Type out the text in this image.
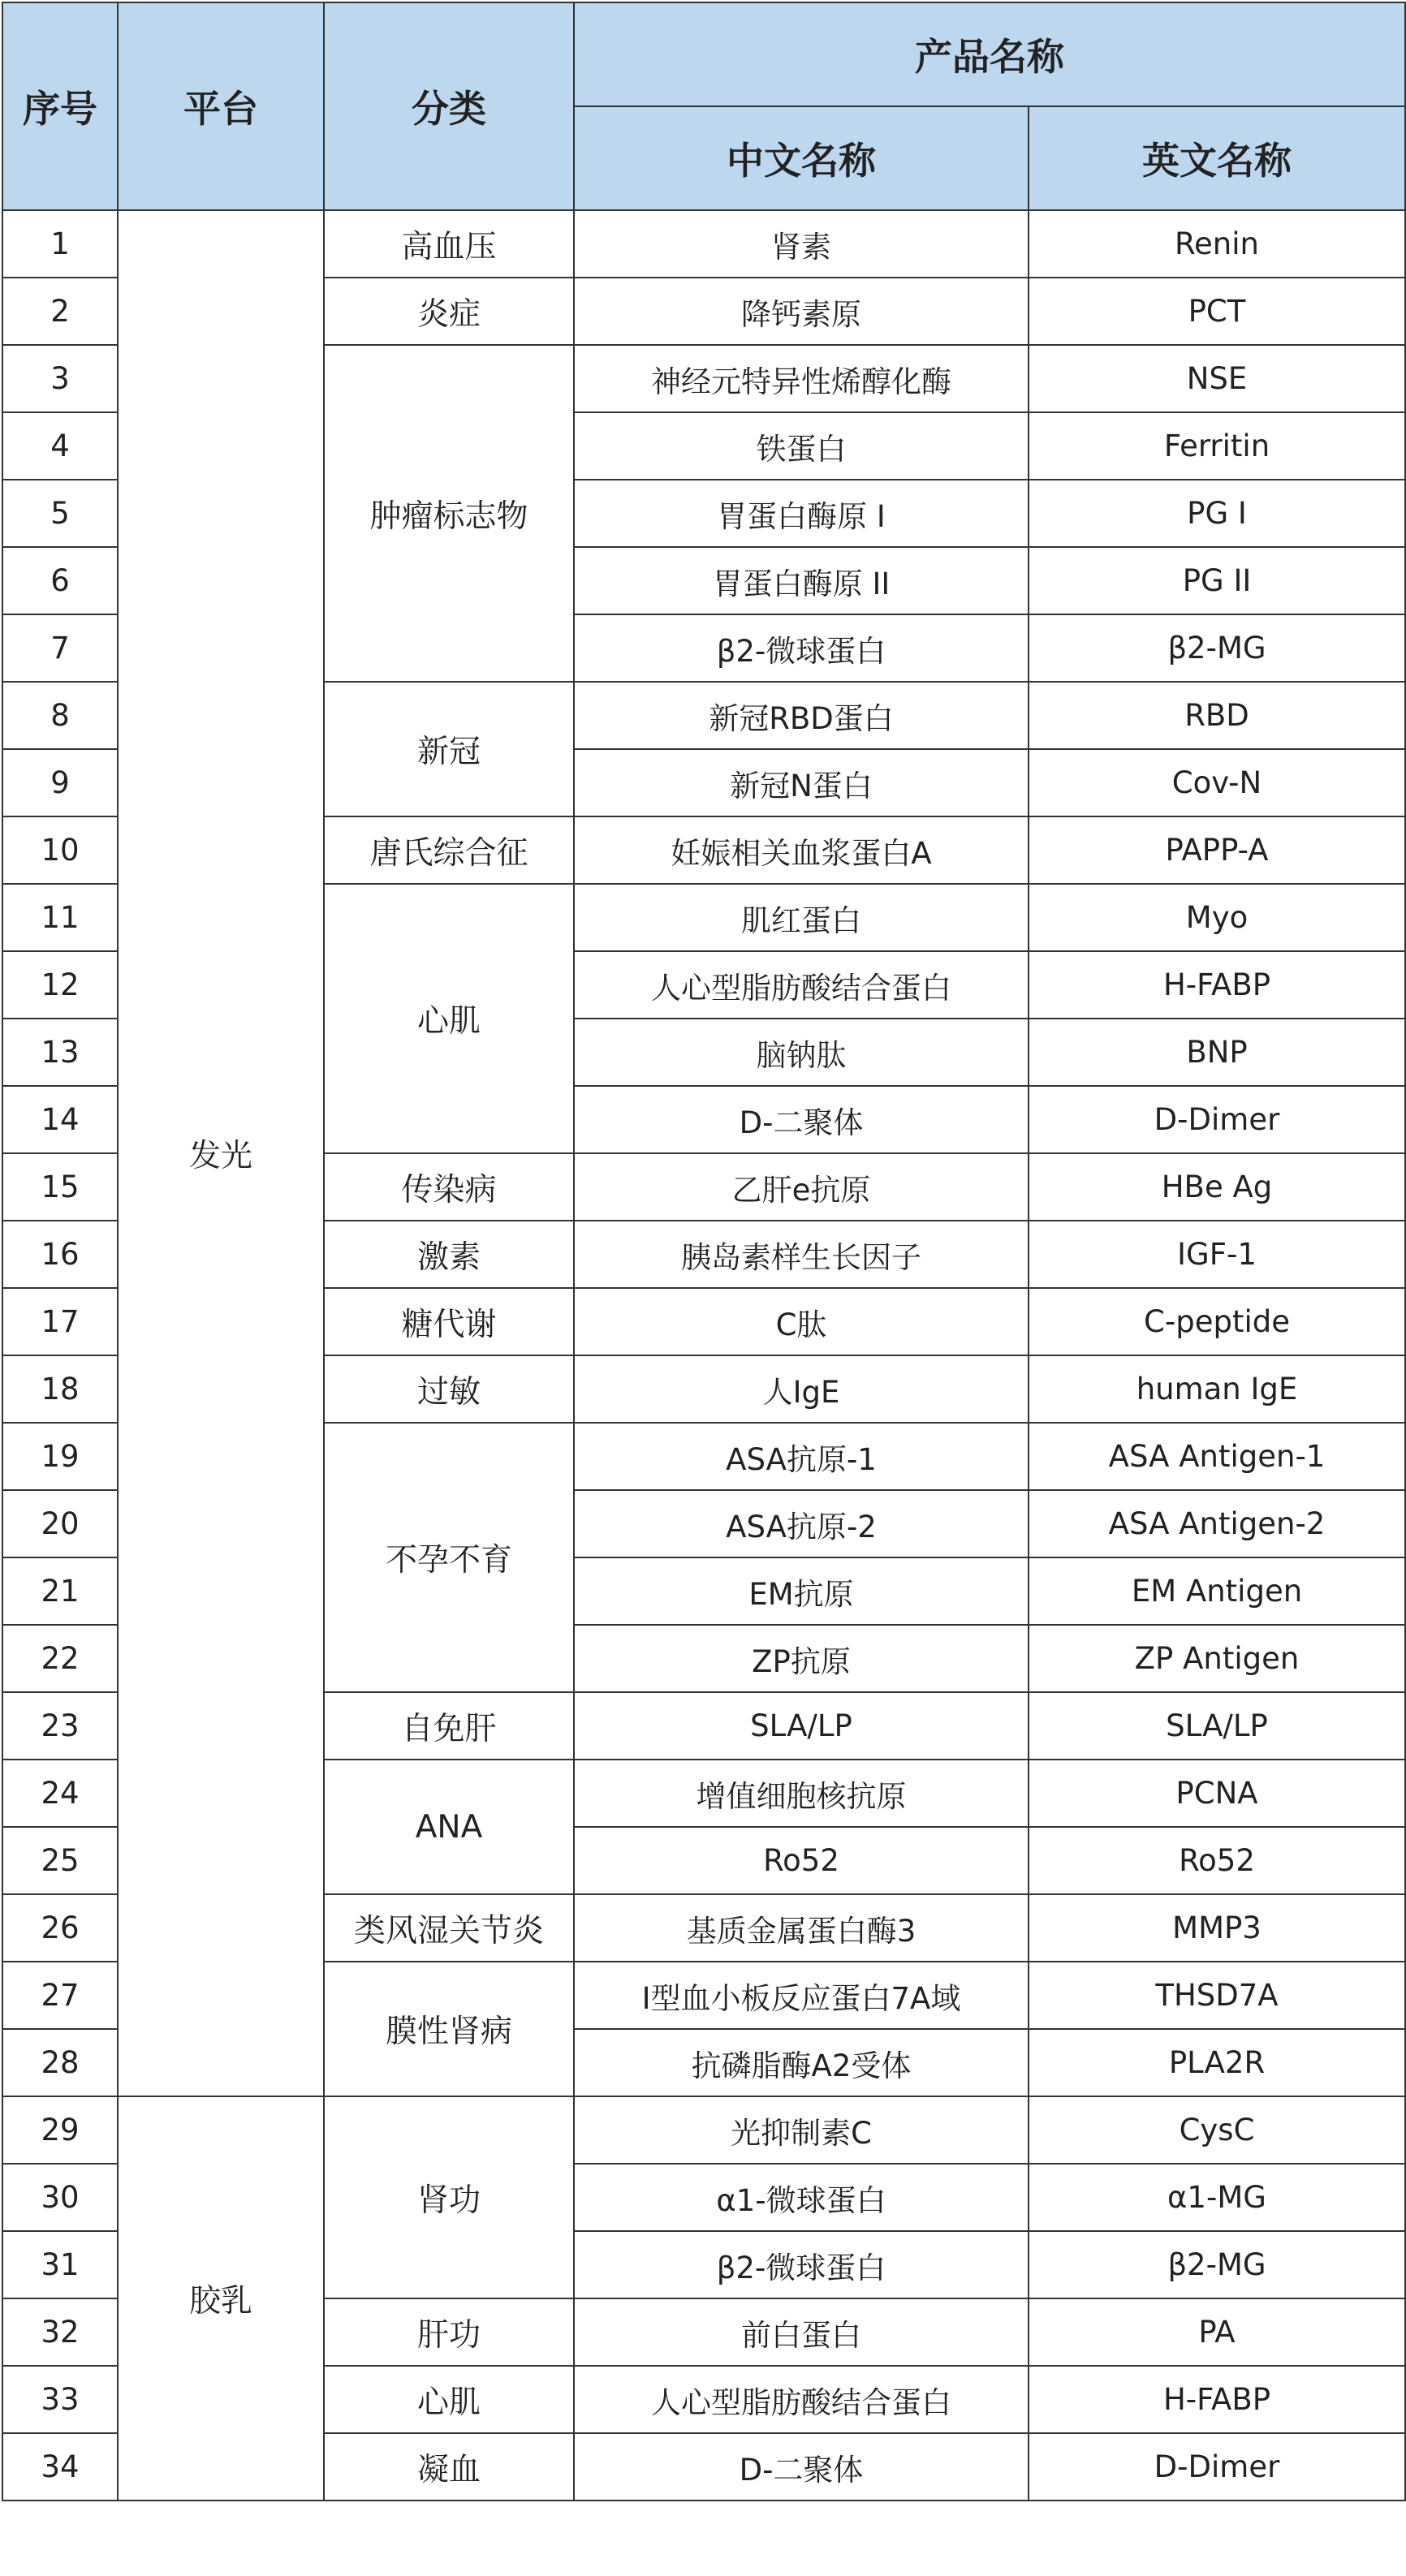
序号	平台	分类	产品名称	
			中文名称	英文名称
1	发光	高血压	肾素	Renin
2		炎症	降钙素原	PCT
3		肿瘤标志物	神经元特异性烯醇化酶	NSE
4			铁蛋白	Ferritin
5			胃蛋白酶原 I	PG I
6			胃蛋白酶原 II	PG II
7			β2-微球蛋白	β2-MG
8		新冠	新冠RBD蛋白	RBD
9			新冠N蛋白	Cov-N
10		唐氏综合征	妊娠相关血浆蛋白A	PAPP-A
11		心肌	肌红蛋白	Myo
12			人心型脂肪酸结合蛋白	H-FABP
13			脑钠肽	BNP
14			D-二聚体	D-Dimer
15		传染病	乙肝e抗原	HBe Ag
16		激素	胰岛素样生长因子	IGF-1
17		糖代谢	C肽	C-peptide
18		过敏	人IgE	human IgE
19		不孕不育	ASA抗原-1	ASA Antigen-1
20			ASA抗原-2	ASA Antigen-2
21			EM抗原	EM Antigen
22			ZP抗原	ZP Antigen
23		自免肝	SLA/LP	SLA/LP
24		ANA	增值细胞核抗原	PCNA
25			Ro52	Ro52
26		类风湿关节炎	基质金属蛋白酶3	MMP3
27		膜性肾病	I型血小板反应蛋白7A域	THSD7A
28			抗磷脂酶A2受体	PLA2R
29	胶乳	肾功	光抑制素C	CysC
30			α1-微球蛋白	α1-MG
31			β2-微球蛋白	β2-MG
32		肝功	前白蛋白	PA
33		心肌	人心型脂肪酸结合蛋白	H-FABP
34		凝血	D-二聚体	D-Dimer
